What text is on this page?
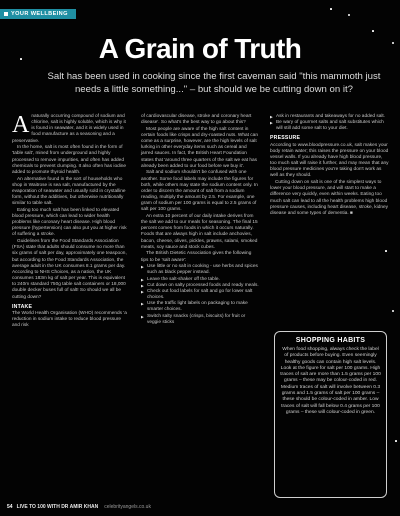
YOUR WELLBEING
A Grain of Truth

Salt has been used in cooking since the first caveman said "this mammoth just needs a little something..." – but should we be cutting down on it?

Anaturally occurring compound of sodium and chlorine, salt is highly soluble, which is why it is found in seawater, and it is widely used in food manufacture as a seasoning and a preservative.

In the home, salt is most often found in the form of 'table salt', mined from underground and highly processed to remove impurities, and often has added chemicals to prevent clumping. It also often has iodine added to promote thyroid health.

An alternative found in the sort of households who shop in Waitrose is sea salt, manufactured by the evaporation of seawater and usually sold in crystalline form, without the additives, but otherwise nutritionally similar to table salt.

Eating too much salt has been linked to elevated blood pressure, which can lead to wider health problems like coronary heart disease. High blood pressure (hypertension) can also put you at higher risk of suffering a stroke.

Guidelines from the Food Standards Association (FSA) state that adults should consume no more than six grams of salt per day, approximately one teaspoon, but according to the Food Standards Association, the average adult in the UK consumes 8.1 grams per day. According to NHS Choices, as a nation, the UK consumes 183m kg of salt per year. This is equivalent to 240m standard 750g table salt containers or 18,000 double decker buses full of salt! So should we all be cutting down?

INTAKE

The World Health Organisation (WHO) recommends 'a reduction in sodium intake to reduce blood pressure and risk

of cardiovascular disease, stroke and coronary heart disease'. So what's the best way to go about this?

Most people are aware of the high salt content in certain foods like crisps and dry-roasted nuts. What can come as a surprise, however, are the high levels of salt lurking in other everyday items such as cereal and jarred sauces. In fact, the British Heart Foundation states that 'around three quarters of the salt we eat has already been added to our food before we buy it'.

Salt and sodium shouldn't be confused with one another. Some food labels may include the figures for both, while others may state the sodium content only. In order to discern the amount of salt from a sodium reading, multiply the amount by 2.5. For example, one gram of sodium per 100 grams is equal to 2.5 grams of salt per 100 grams.

An extra 10 percent of our daily intake derives from the salt we add to our meals for seasoning. The final 15 percent comes from foods in which it occurs naturally. Foods that are always high in salt include anchovies, bacon, cheese, olives, pickles, prawns, salami, smoked meats, soy sauce and stock cubes.

The British Dietetic Association gives the following tips to be 'salt aware':

▶ Use little or no salt in cooking - use herbs and spices such as black pepper instead.
▶ Leave the salt-shaker off the table.
▶ Cut down on salty processed foods and ready meals.
▶ Check out food labels for salt and go for lower salt choices.
▶ Use the traffic light labels on packaging to make smarter choices.
▶ Switch salty snacks (crisps, biscuits) for fruit or veggie sticks
▶ Ask in restaurants and takeaways for no added salt.
▶ Be wary of gourmet salts and salt substitutes which will still add some salt to your diet.
PRESSURE

According to www.bloodpressure.co.uk, salt makes your body retain water; this raises the pressure on your blood vessel walls. If you already have high blood pressure, too much salt will raise it further, and may mean that any blood pressure medicines you're taking don't work as well as they should.

Cutting down on salt is one of the simplest ways to lower your blood pressure, and will start to make a difference very quickly, even within weeks. Eating too much salt can lead to all the health problems high blood pressure causes, including heart disease, stroke, kidney disease and some types of dementia. ■

SHOPPING HABITS

When food shopping, always check the label of products before buying. Even seemingly healthy goods can contain high salt levels. Look at the figure for salt per 100 grams. High traces of salt are more than 1.5 grams per 100 grams – these may be colour-coded in red. Medium traces of salt will involve between 0.3 grams and 1.5 grams of salt per 100 grams – these should be colour-coded in amber. Low traces of salt will fall below 0.4 grams per 100 grams – these will colour-coded in green.

54 LIVE TO 100 WITH DR AMIR KHAN celebrityangels.co.uk
